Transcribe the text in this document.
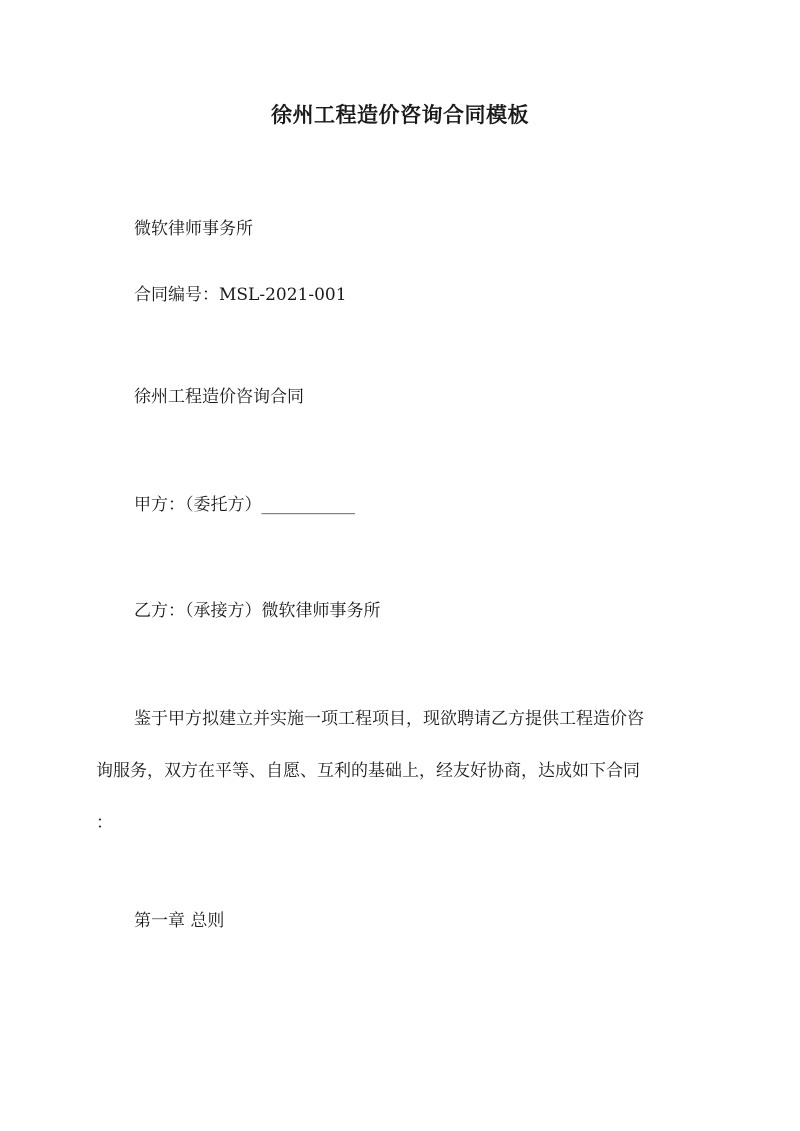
徐州工程造价咨询合同模板
微软律师事务所
合同编号：MSL-2021-001
徐州工程造价咨询合同
甲方：（委托方）___________
乙方：（承接方）微软律师事务所
鉴于甲方拟建立并实施一项工程项目，现欲聘请乙方提供工程造价咨
询服务，双方在平等、自愿、互利的基础上，经友好协商，达成如下合同
：
第一章 总则
